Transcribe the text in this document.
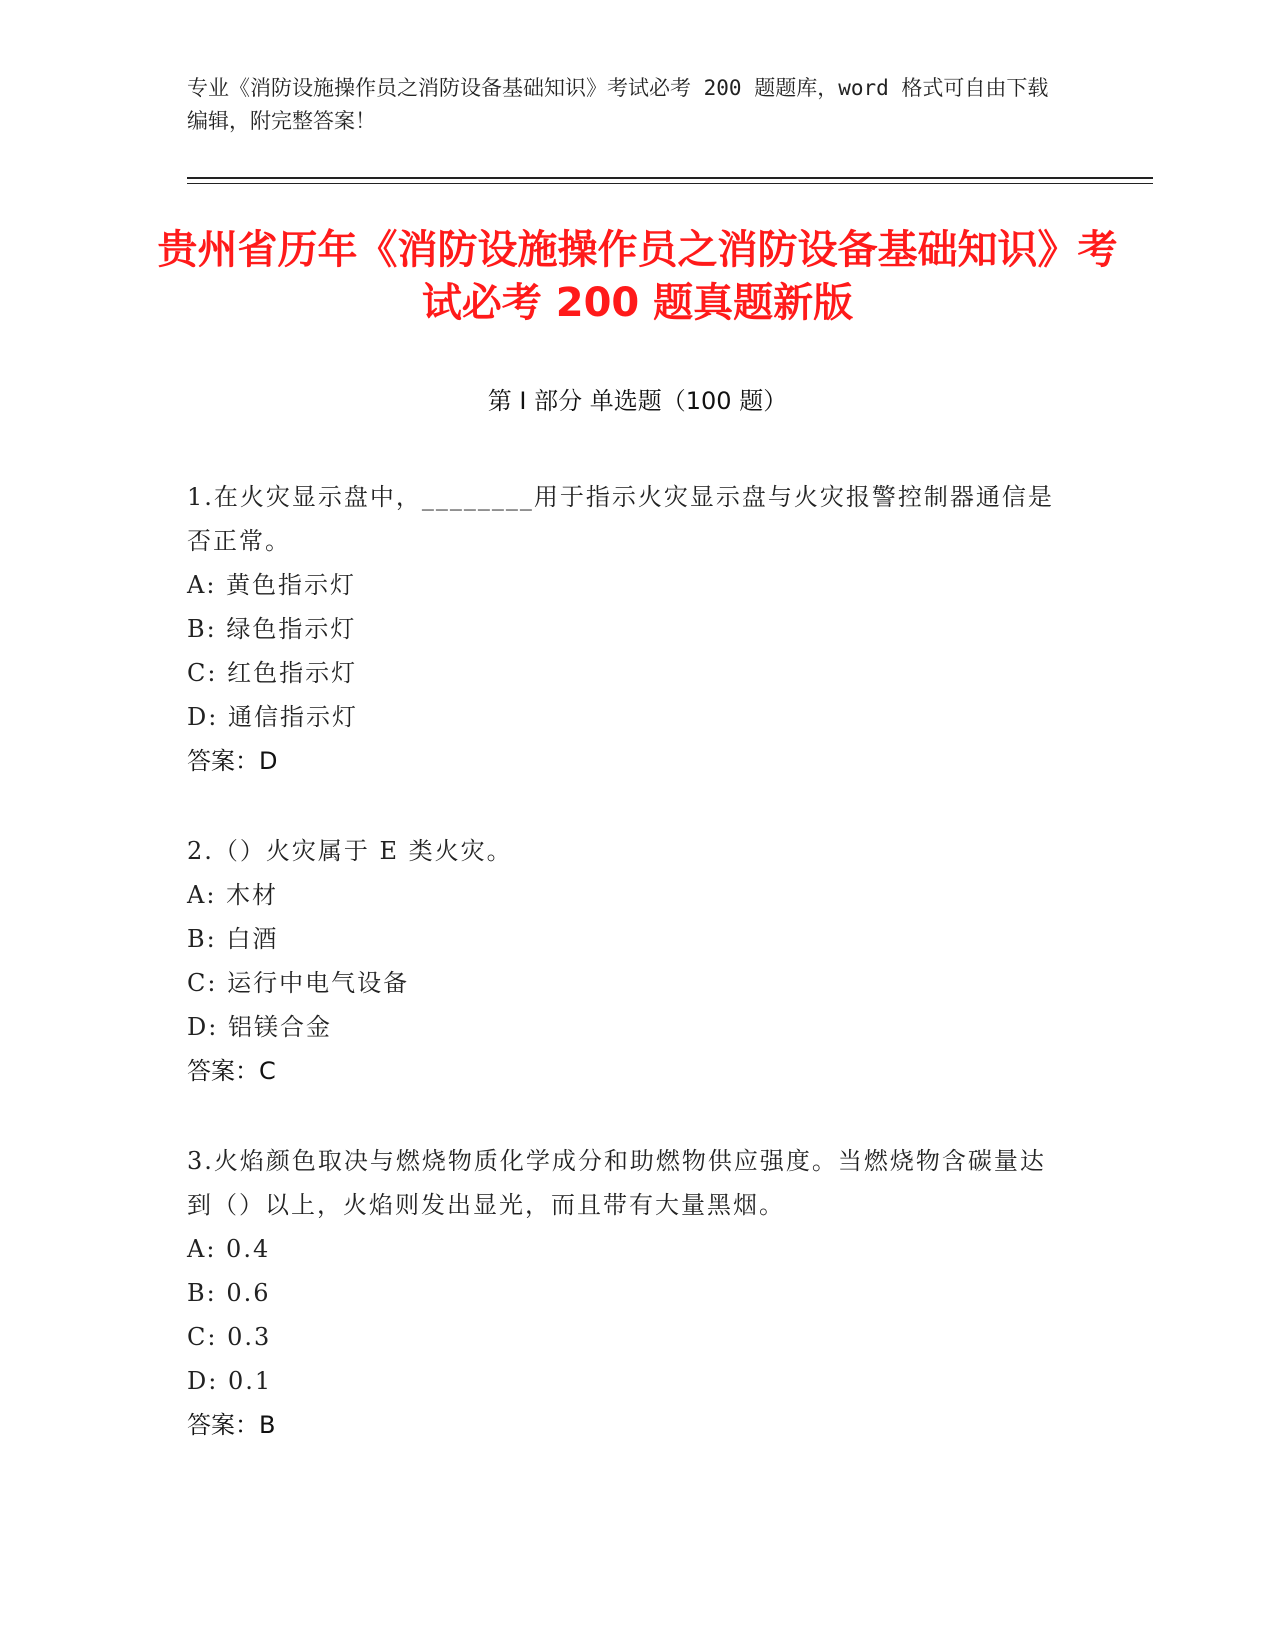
专业《消防设施操作员之消防设备基础知识》考试必考 200 题题库，word 格式可自由下载编辑，附完整答案！
贵州省历年《消防设施操作员之消防设备基础知识》考试必考 200 题真题新版
第 I 部分 单选题（100 题）
1.在火灾显示盘中，________用于指示火灾显示盘与火灾报警控制器通信是否正常。
A: 黄色指示灯
B: 绿色指示灯
C: 红色指示灯
D: 通信指示灯
答案：D
2.（）火灾属于 E 类火灾。
A: 木材
B: 白酒
C: 运行中电气设备
D: 铝镁合金
答案：C
3.火焰颜色取决与燃烧物质化学成分和助燃物供应强度。当燃烧物含碳量达到（）以上，火焰则发出显光，而且带有大量黑烟。
A: 0.4
B: 0.6
C: 0.3
D: 0.1
答案：B
